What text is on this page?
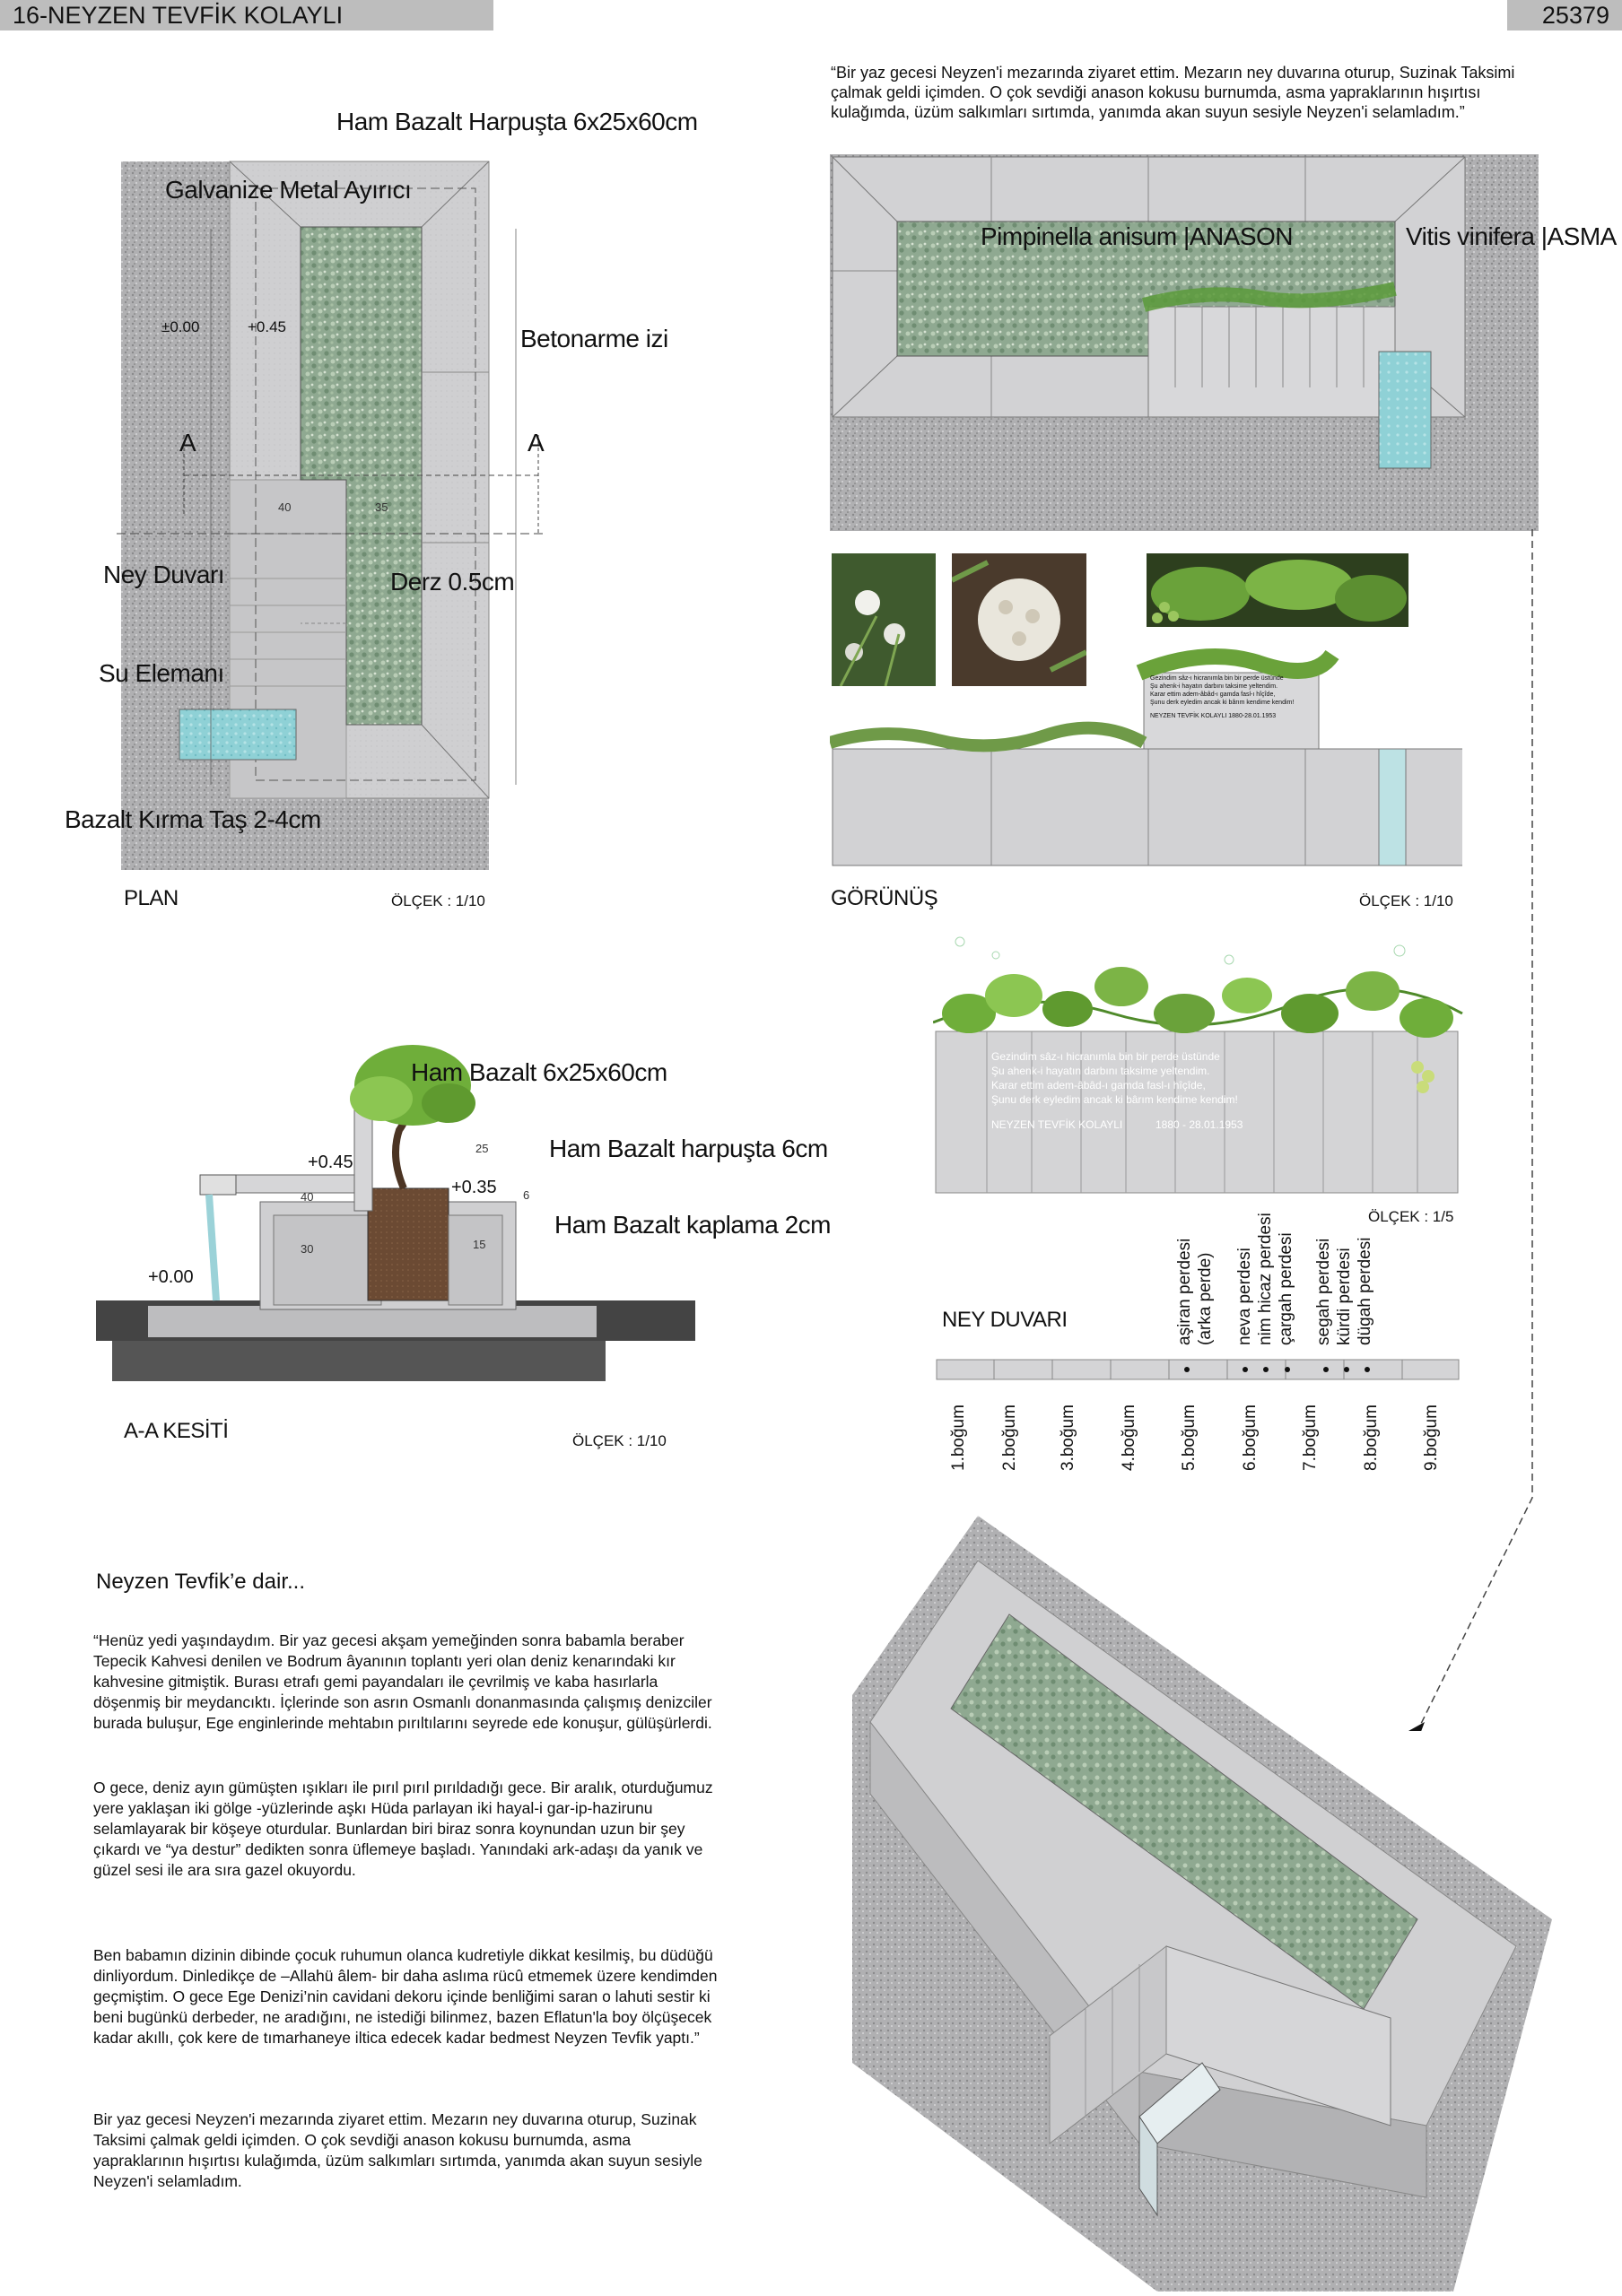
16-NEYZEN TEVFİK KOLAYLI	25379
“Bir yaz gecesi Neyzen'i mezarında ziyaret ettim. Mezarın ney duvarına oturup, Suzinak Taksimi çalmak geldi içimden. O çok sevdiği anason kokusu burnumda, asma yapraklarının hışırtısı kulağımda, üzüm salkımları sırtımda, yanımda akan suyun sesiyle Neyzen'i selamladım.”
Ham Bazalt Harpuşta 6x25x60cm
Galvanize Metal Ayırıcı
±0.00	+0.45	Betonarme izi
A	A
40	35
Ney Duvarı	Derz 0.5cm
Su Elemanı
Bazalt Kırma Taş 2-4cm
PLAN	ÖLÇEK : 1/10
Pimpinella anisum |ANASON	Vitis vinifera |ASMA
Gezindim sâz-ı hicranımla bin bir perde üstünde
Şu ahenk-i hayatın darbını taksime yeltendim.
Karar ettim adem-âbâd-ı gamda fasl-ı hîçîde,
Şunu derk eyledim ancak ki bârım kendime kendim!
NEYZEN TEVFİK KOLAYLI 1880-28.01.1953
GÖRÜNÜŞ	ÖLÇEK : 1/10
Ham Bazalt 6x25x60cm
Ham Bazalt harpuşta 6cm
Ham Bazalt kaplama 2cm
+0.45
+0.35
+0.00
25
40
30	15
6
A-A KESİTİ	ÖLÇEK : 1/10
Gezindim sâz-ı hicranımla bin bir perde üstünde
Şu ahenk-i hayatın darbını taksime yeltendim.
Karar ettim adem-âbâd-ı gamda fasl-ı hîçîde,
Şunu derk eyledim ancak ki bârım kendime kendim!
NEYZEN TEVFİK KOLAYLI	1880 - 28.01.1953
ÖLÇEK : 1/5
aşiran perdesi (arka perde) neva perdesi nim hicaz perdesi çargah perdesi segah perdesi kürdi perdesi dügah perdesi
NEY DUVARI
1.boğum 2.boğum 3.boğum 4.boğum 5.boğum 6.boğum 7.boğum 8.boğum 9.boğum
Neyzen Tevfik’e dair...
“Henüz yedi yaşındaydım. Bir yaz gecesi akşam yemeğinden sonra babamla beraber Tepecik Kahvesi denilen ve Bodrum âyanının toplantı yeri olan deniz kenarındaki kır kahvesine gitmiştik. Burası etrafı gemi payandaları ile çevrilmiş ve kaba hasırlarla döşenmiş bir meydancıktı. İçlerinde son asrın Osmanlı donanmasında çalışmış denizciler burada buluşur, Ege enginlerinde mehtabın pırıltılarını seyrede ede konuşur, gülüşürlerdi.
O gece, deniz ayın gümüşten ışıkları ile pırıl pırıl pırıldadığı gece. Bir aralık, oturduğumuz yere yaklaşan iki gölge -yüzlerinde aşkı Hüda parlayan iki hayal-i gar-ip-hazirunu selamlayarak bir köşeye oturdular. Bunlardan biri biraz sonra koynundan uzun bir şey çıkardı ve “ya destur” dedikten sonra üflemeye başladı. Yanındaki ark-adaşı da yanık ve güzel sesi ile ara sıra gazel okuyordu.
Ben babamın dizinin dibinde çocuk ruhumun olanca kudretiyle dikkat kesilmiş, bu düdüğü dinliyordum. Dinledikçe de –Allahü âlem- bir daha aslıma rücû etmemek üzere kendimden geçmiştim. O gece Ege Denizi’nin cavidani dekoru içinde benliğimi saran o lahuti sestir ki beni bugünkü derbeder, ne aradığını, ne istediği bilinmez, bazen Eflatun'la boy ölçüşecek kadar akıllı, çok kere de tımarhaneye iltica edecek kadar bedmest Neyzen Tevfik yaptı.”
Bir yaz gecesi Neyzen'i mezarında ziyaret ettim. Mezarın ney duvarına oturup, Suzinak Taksimi çalmak geldi içimden. O çok sevdiği anason kokusu burnumda, asma yapraklarının hışırtısı kulağımda, üzüm salkımları sırtımda, yanımda akan suyun sesiyle Neyzen'i selamladım.
